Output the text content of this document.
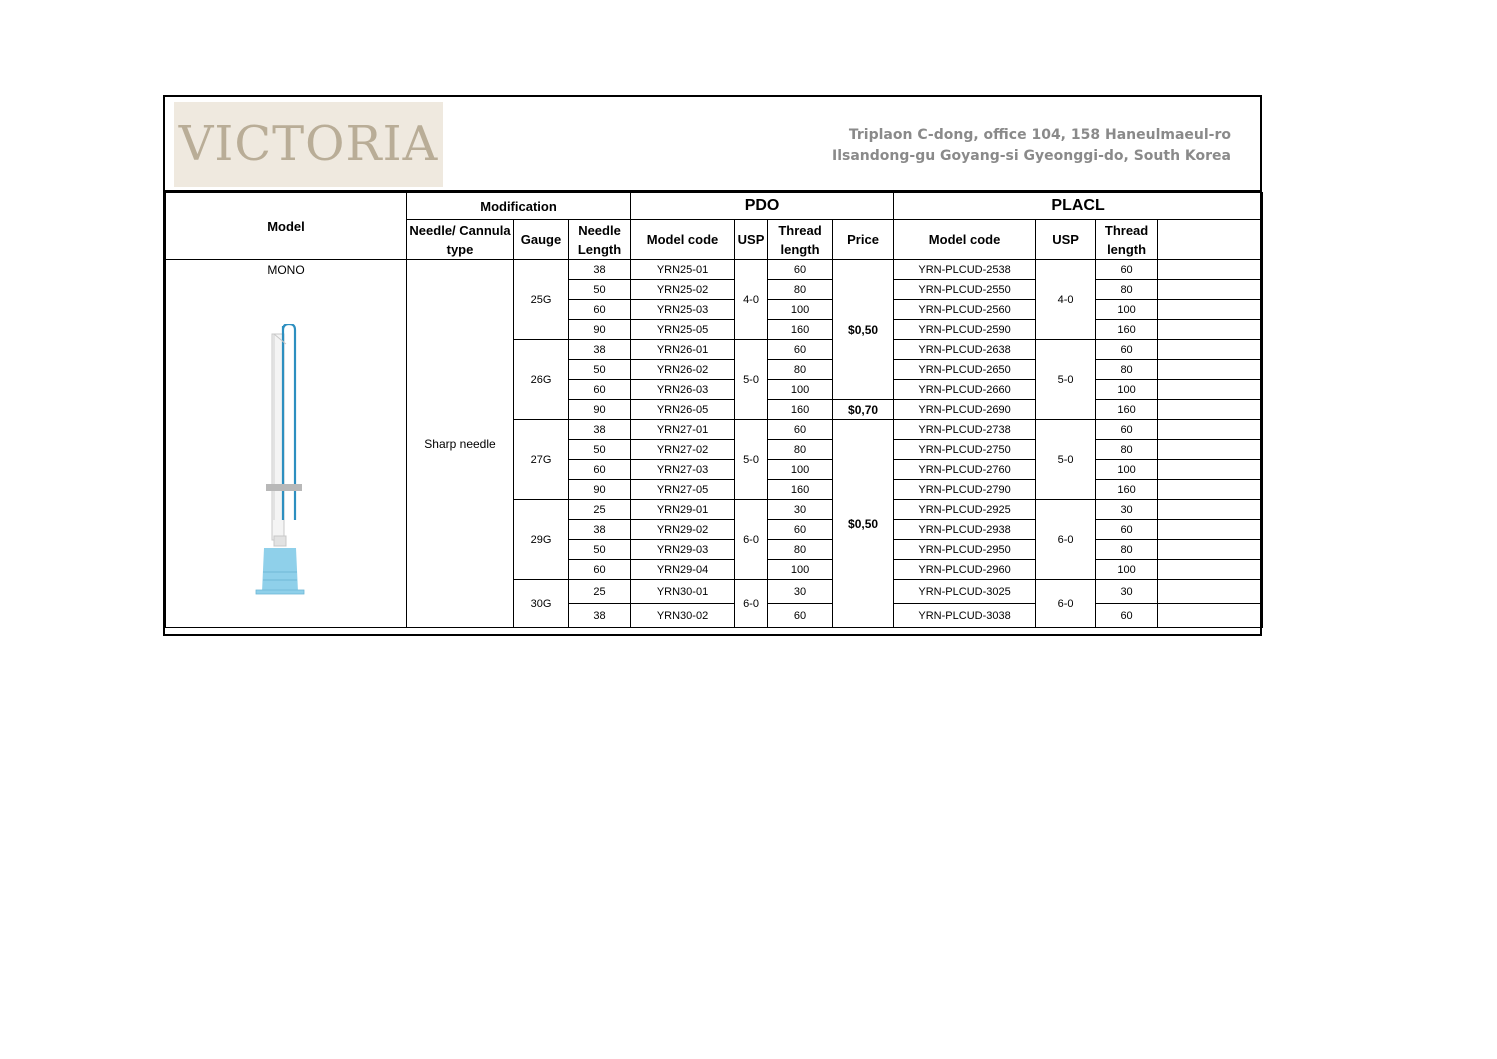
VICTORIA	Triplaon C-dong, office 104, 158 Haneulmaeul-ro
Ilsandong-gu Goyang-si Gyeonggi-do, South Korea
Model	Modification			PDO				PLACL			
	Needle/ Cannula type	Gauge	Needle Length	Model code	USP	Thread length	Price	Model code	USP	Thread length	

MONO	Sharp needle	25G	38	YRN25-01	4-0	60	$0,50	YRN-PLCUD-2538	4-0	60	
			50	YRN25-02		80		YRN-PLCUD-2550		80	
			60	YRN25-03		100		YRN-PLCUD-2560		100	
			90	YRN25-05		160		YRN-PLCUD-2590		160	
		26G	38	YRN26-01	5-0	60		YRN-PLCUD-2638	5-0	60	
			50	YRN26-02		80		YRN-PLCUD-2650		80	
			60	YRN26-03		100		YRN-PLCUD-2660		100	
			90	YRN26-05		160	$0,70	YRN-PLCUD-2690		160	
		27G	38	YRN27-01	5-0	60	$0,50	YRN-PLCUD-2738	5-0	60	
			50	YRN27-02		80		YRN-PLCUD-2750		80	
			60	YRN27-03		100		YRN-PLCUD-2760		100	
			90	YRN27-05		160		YRN-PLCUD-2790		160	
		29G	25	YRN29-01	6-0	30		YRN-PLCUD-2925	6-0	30	
			38	YRN29-02		60		YRN-PLCUD-2938		60	
			50	YRN29-03		80		YRN-PLCUD-2950		80	
			60	YRN29-04		100		YRN-PLCUD-2960		100	
		30G	25	YRN30-01	6-0	30		YRN-PLCUD-3025	6-0	30	
			38	YRN30-02		60		YRN-PLCUD-3038		60	
